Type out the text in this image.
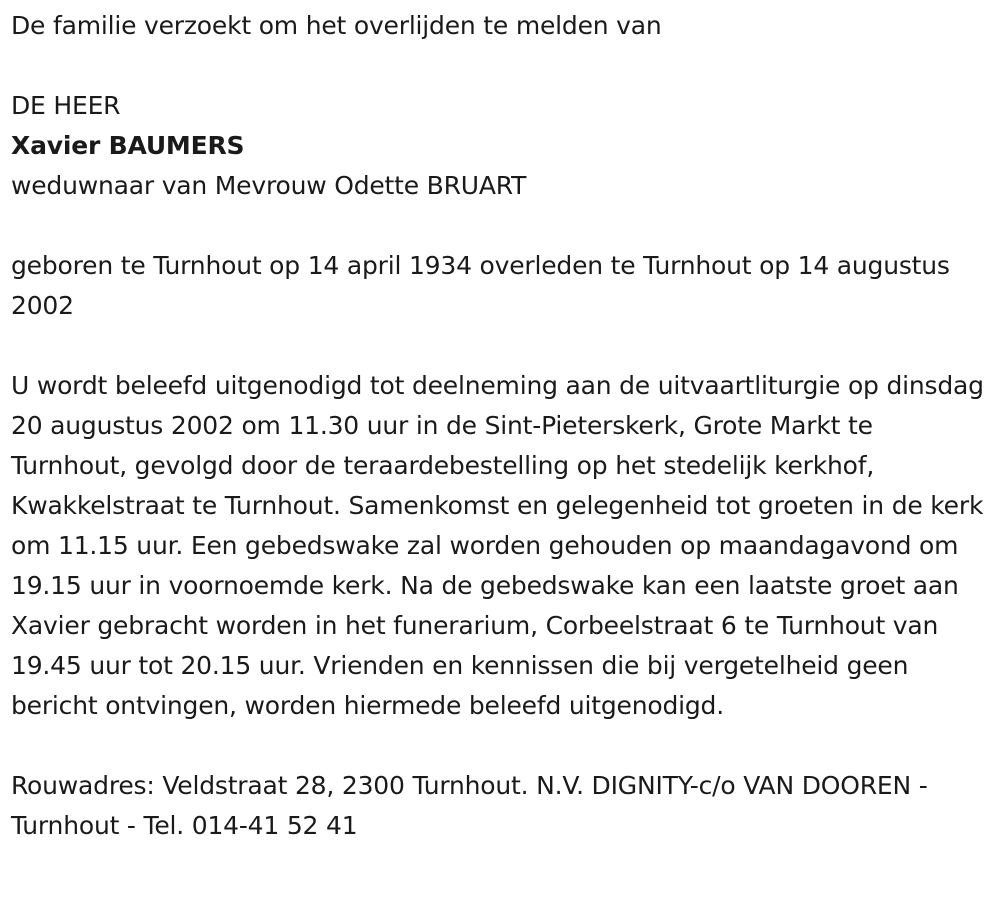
De familie verzoekt om het overlijden te melden van

DE HEER

Xavier BAUMERS

weduwnaar van Mevrouw Odette BRUART

geboren te Turnhout op 14 april 1934 overleden te Turnhout op 14 augustus 2002

U wordt beleefd uitgenodigd tot deelneming aan de uitvaartliturgie op dinsdag 20 augustus 2002 om 11.30 uur in de Sint-Pieterskerk, Grote Markt te Turnhout, gevolgd door de teraardebestelling op het stedelijk kerkhof, Kwakkelstraat te Turnhout. Samenkomst en gelegenheid tot groeten in de kerk om 11.15 uur. Een gebedswake zal worden gehouden op maandagavond om 19.15 uur in voornoemde kerk. Na de gebedswake kan een laatste groet aan Xavier gebracht worden in het funerarium, Corbeelstraat 6 te Turnhout van 19.45 uur tot 20.15 uur. Vrienden en kennissen die bij vergetelheid geen bericht ontvingen, worden hiermede beleefd uitgenodigd.

Rouwadres: Veldstraat 28, 2300 Turnhout. N.V. DIGNITY-c/o VAN DOOREN - Turnhout - Tel. 014-41 52 41
